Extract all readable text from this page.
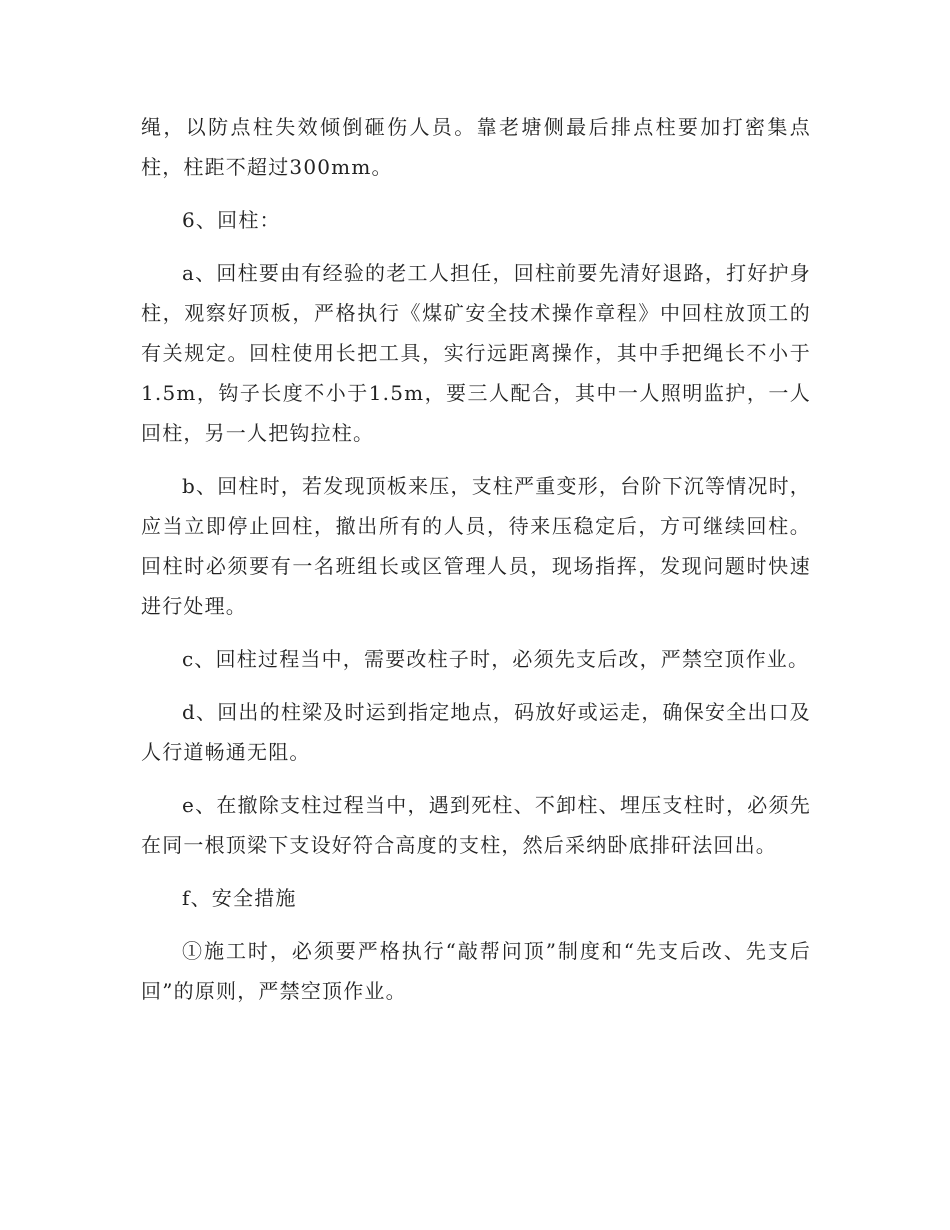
绳，以防点柱失效倾倒砸伤人员。靠老塘侧最后排点柱要加打密集点柱，柱距不超过300mm。

6、回柱：

a、回柱要由有经验的老工人担任，回柱前要先清好退路，打好护身柱，观察好顶板，严格执行《煤矿安全技术操作章程》中回柱放顶工的有关规定。回柱使用长把工具，实行远距离操作，其中手把绳长不小于1.5m，钩子长度不小于1.5m，要三人配合，其中一人照明监护，一人回柱，另一人把钩拉柱。

b、回柱时，若发现顶板来压，支柱严重变形，台阶下沉等情况时，应当立即停止回柱，撤出所有的人员，待来压稳定后，方可继续回柱。回柱时必须要有一名班组长或区管理人员，现场指挥，发现问题时快速进行处理。

c、回柱过程当中，需要改柱子时，必须先支后改，严禁空顶作业。

d、回出的柱梁及时运到指定地点，码放好或运走，确保安全出口及人行道畅通无阻。

e、在撤除支柱过程当中，遇到死柱、不卸柱、埋压支柱时，必须先在同一根顶梁下支设好符合高度的支柱，然后采纳卧底排矸法回出。

f、安全措施

①施工时，必须要严格执行“敲帮问顶”制度和“先支后改、先支后回”的原则，严禁空顶作业。
